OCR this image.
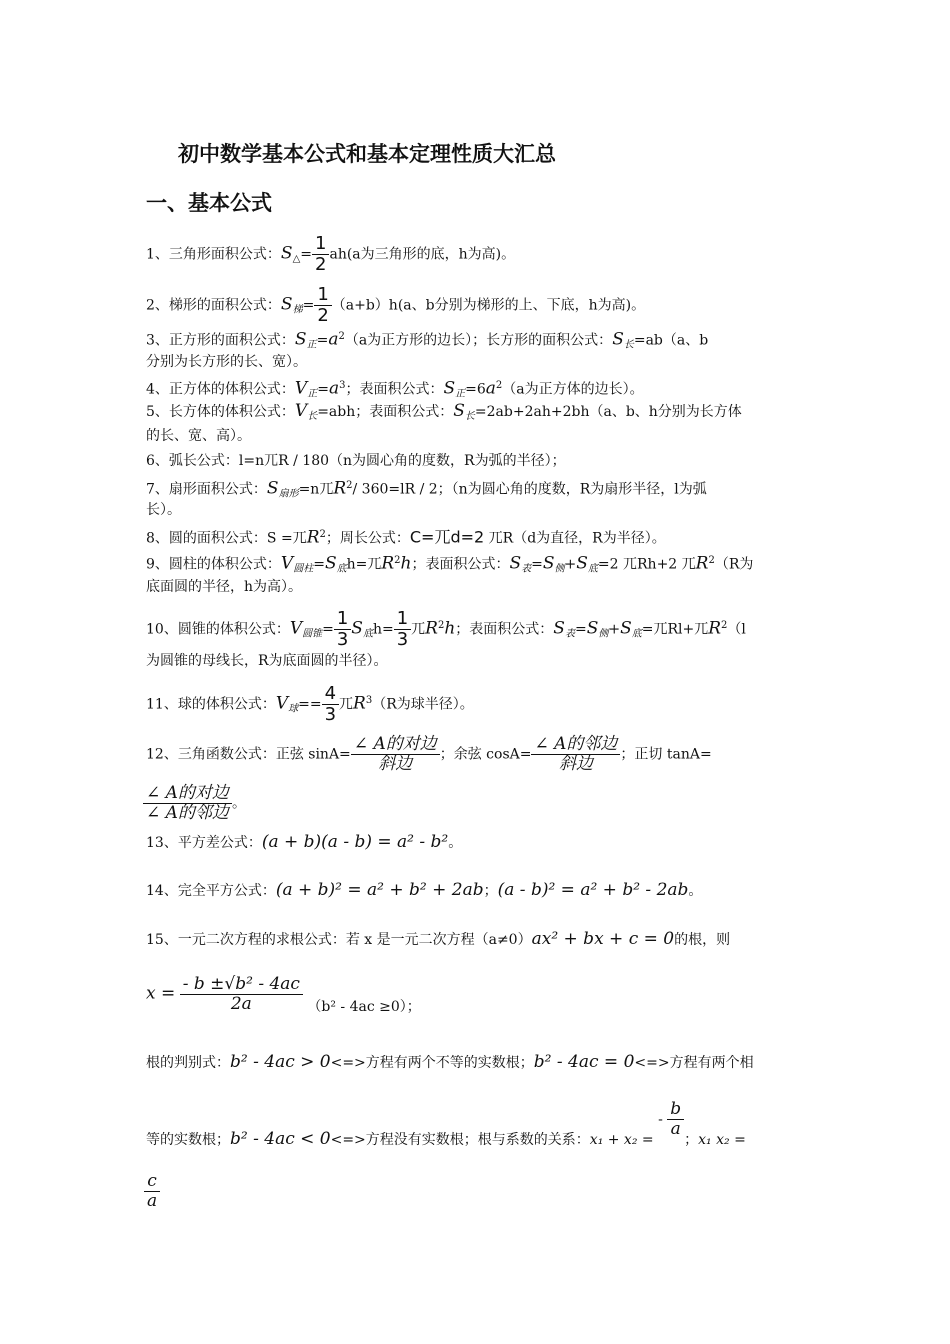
初中数学基本公式和基本定理性质大汇总
一、基本公式
1、三角形面积公式：$S_\triangle= \frac{1}{2} ah(a$为三角形的底，h为高)。
2、梯形的面积公式：$S_梯= \frac{1}{2} (a+b)h(a$、b分别为梯形的上、下底，h为高)。
3、正方形的面积公式：$S_正=a^2(a$为正方形的边长）；长方形的面积公式：$S_长=ab(a$、b
分别为长方形的长、宽）。
4、正方体的体积公式：$V_正=a^3$；表面积公式：$S_正=6a^2(a$为正方体的边长）。
5、长方体的体积公式：$V_长=abh$；表面积公式：$S_长=2ab+2ah+2bh(a$、b、h分别为长方体
的长、宽、高）。
6、弧长公式：l=n兀R / 180（n为圆心角的度数，R为弧的半径）；
7、扇形面积公式：$S_{扇形}=n$兀$R^2/$ 360=lR / 2；（n为圆心角的度数，R为扇形半径，l为弧
长）。
8、圆的面积公式：S =兀$R^2$；周长公式：C=兀d=2 兀R（d为直径，R为半径）。
9、圆柱的体积公式：$V_{圆柱}=S_底h=$兀$R^2h$；表面积公式：$S_表=S_侧+S_底=2$ 兀Rh+2 兀$R^2(R$为
底面圆的半径，h为高）。
10、圆锥的体积公式：$V_{圆锥}= \frac{1}{3} S_底h= \frac{1}{3}$ 兀$R^2h$；表面积公式：$S_表=S_侧+S_底=$兀Rl+兀$R^2(l$
为圆锥的母线长，R为底面圆的半径）。
11、球的体积公式：$V_球== \frac{4}{3}$ 兀$R^3(R$为球半径）。
12、三角函数公式：正弦 $\sin A= \frac{\text{∠ A的对边}}{\text{斜边}}$ ；余弦 $\cos A= \frac{\text{∠ A的邻边}}{\text{斜边}}$ ；正切 tanA=
$\frac{\text{∠ A的对边}}{\text{∠ A的邻边}}$ 。
13、平方差公式：(a + b)(a - b) = a² - b²。
14、完全平方公式：(a + b)² = a² + b² + 2ab；(a - b)² = a² + b² - 2ab。
15、一元二次方程的求根公式：若 x 是一元二次方程（a≠0）ax² + bx + c = 0的根，则
$x = \frac{\text{- b ±√b² - 4ac}}{2a} (b^2 - 4ac \ge 0)$；
根的判别式：b² - 4ac > 0<=>方程有两个不等的实数根；b² - 4ac = 0<=>方程有两个相
等的实数根；b² - 4ac < 0<=>方程没有实数根；根与系数的关系：x₁ + x₂ = - $\frac{b}{a}$
；x₁ x₂ =
$\frac{c}{a}$
